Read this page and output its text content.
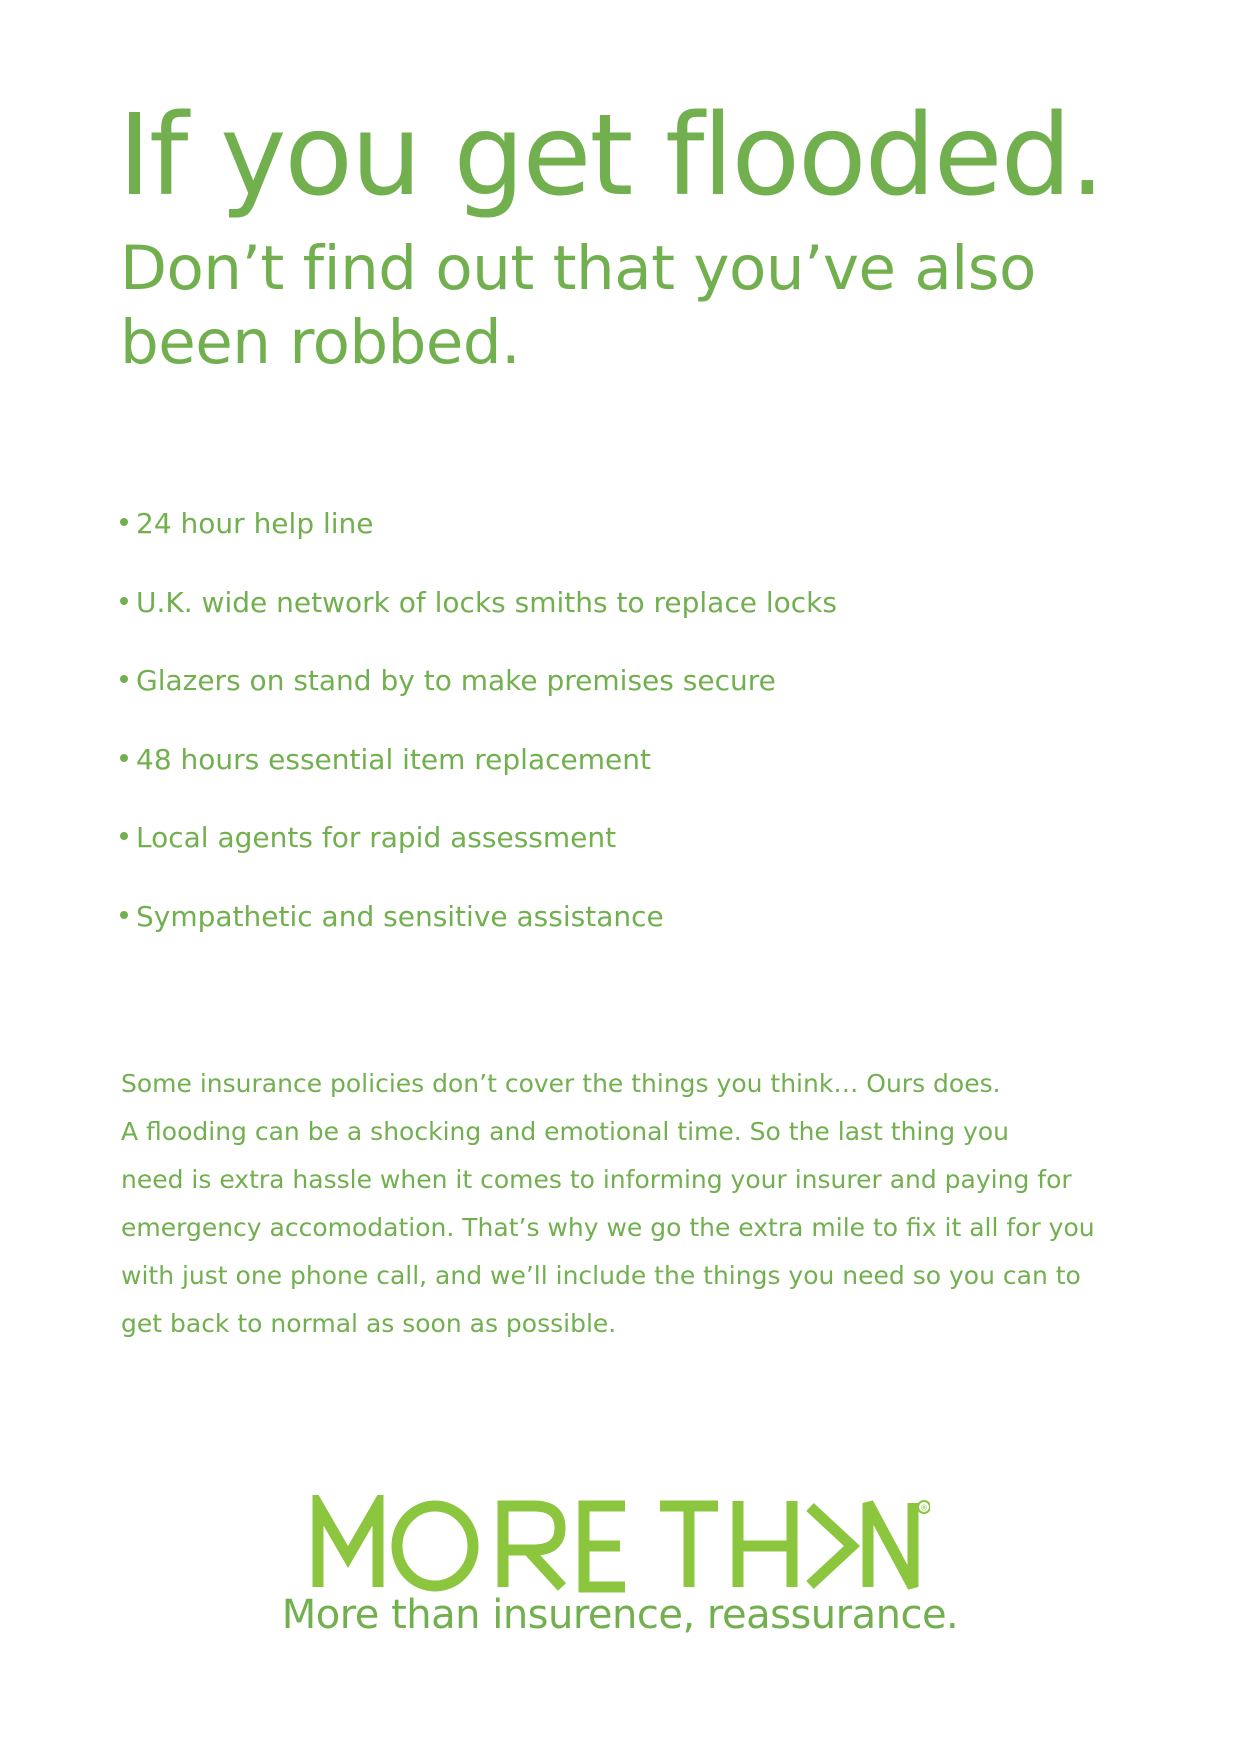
If you get flooded.
Don’t find out that you’ve also been robbed.
24 hour help line
U.K. wide network of locks smiths to replace locks
Glazers on stand by to make premises secure
48 hours essential item replacement
Local agents for rapid assessment
Sympathetic and sensitive assistance

Some insurance policies don’t cover the things you think… Ours does.
A flooding can be a shocking and emotional time. So the last thing you
need is extra hassle when it comes to informing your insurer and paying for
emergency accomodation. That’s why we go the extra mile to fix it all for you
with just one phone call, and we’ll include the things you need so you can to
get back to normal as soon as possible.

®
More than insurence, reassurance.
